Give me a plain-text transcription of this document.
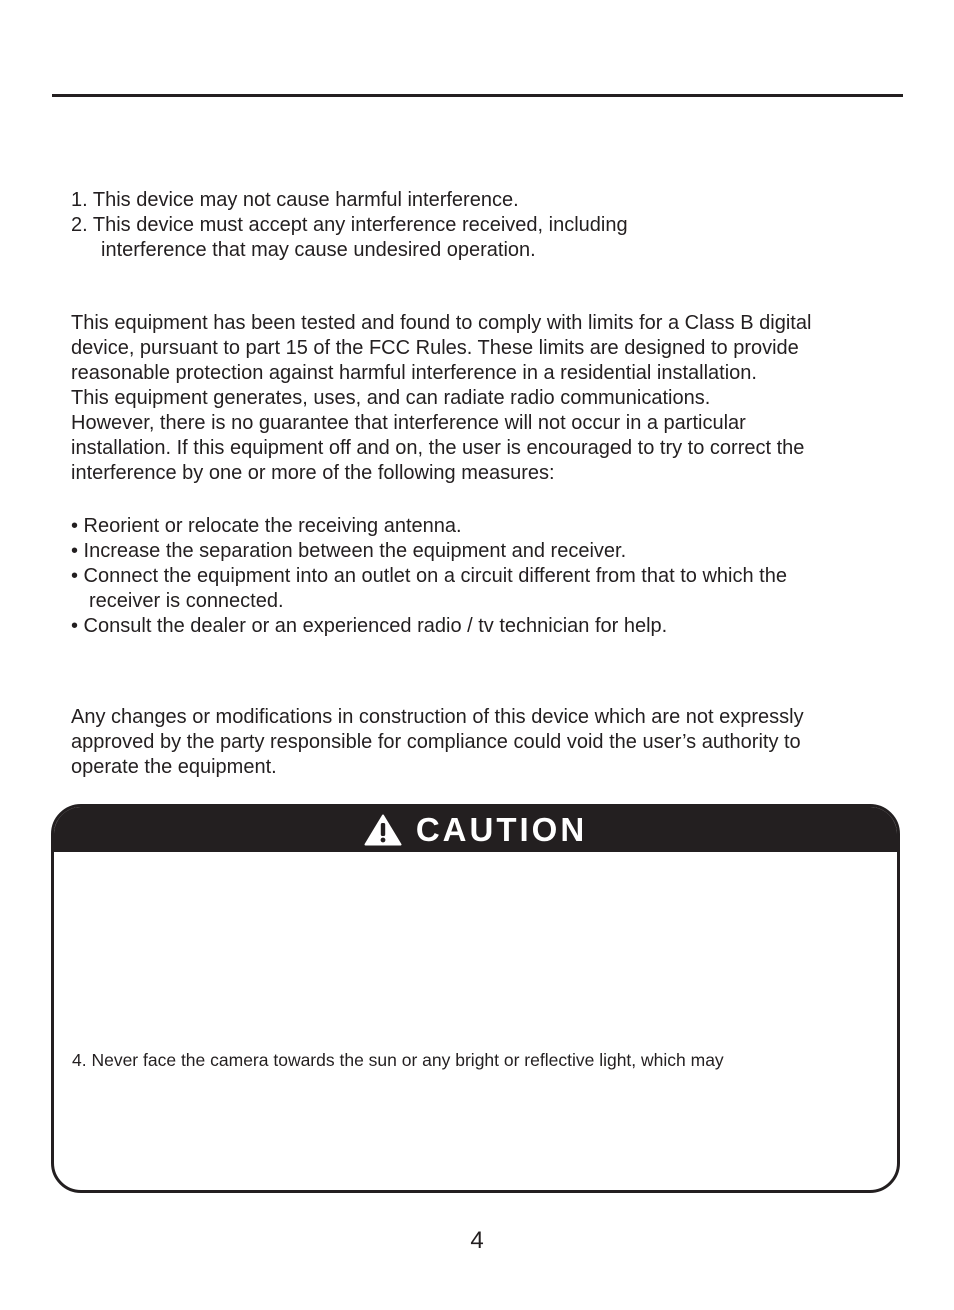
1. This device may not cause harmful interference.

2. This device must accept any interference received, including

interference that may cause undesired operation.

This equipment has been tested and found to comply with limits for a Class B digital

device, pursuant to part 15 of the FCC Rules. These limits are designed to provide

reasonable protection against harmful interference in a residential installation.

This equipment generates, uses, and can radiate radio communications.

However, there is no guarantee that interference will not occur in a particular

installation. If this equipment off and on, the user is encouraged to try to correct the

interference by one or more of the following measures:

• Reorient or relocate the receiving antenna.

• Increase the separation between the equipment and receiver.

• Connect the equipment into an outlet on a circuit different from that to which the

receiver is connected.

• Consult the dealer or an experienced radio / tv technician for help.

Any changes or modifications in construction of this device which are not expressly

approved by the party responsible for compliance could void the user’s authority to

operate the equipment.

CAUTION
4. Never face the camera towards the sun or any bright or reflective light, which may
4
